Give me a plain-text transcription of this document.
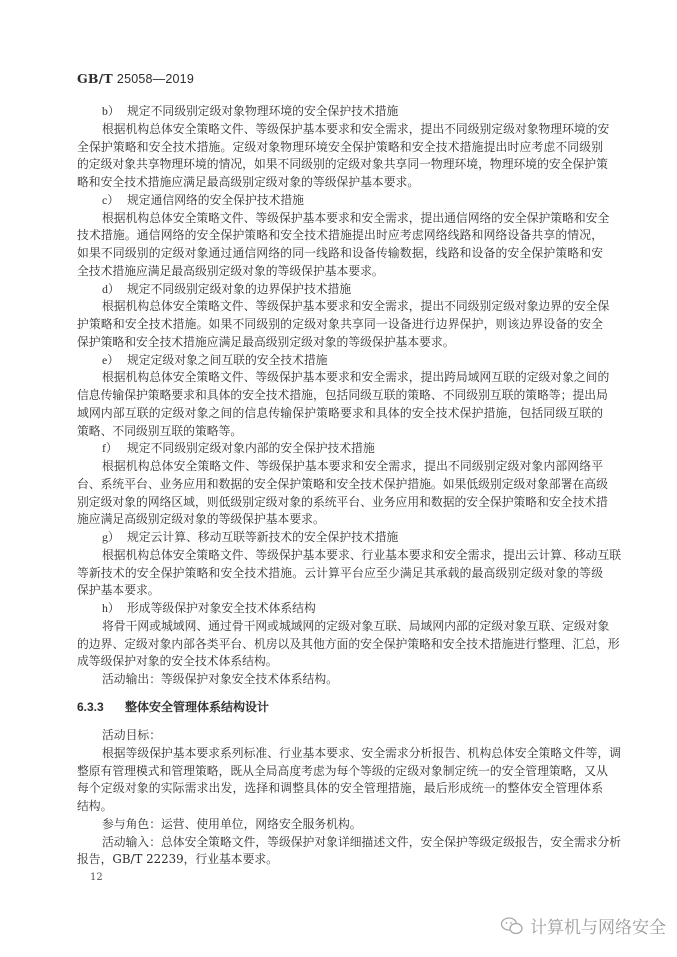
GB/T 25058—2019
b） 规定不同级别定级对象物理环境的安全保护技术措施
根据机构总体安全策略文件、等级保护基本要求和安全需求，提出不同级别定级对象物理环境的安
全保护策略和安全技术措施。定级对象物理环境安全保护策略和安全技术措施提出时应考虑不同级别
的定级对象共享物理环境的情况，如果不同级别的定级对象共享同一物理环境，物理环境的安全保护策
略和安全技术措施应满足最高级别定级对象的等级保护基本要求。
c） 规定通信网络的安全保护技术措施
根据机构总体安全策略文件、等级保护基本要求和安全需求，提出通信网络的安全保护策略和安全
技术措施。通信网络的安全保护策略和安全技术措施提出时应考虑网络线路和网络设备共享的情况，
如果不同级别的定级对象通过通信网络的同一线路和设备传输数据，线路和设备的安全保护策略和安
全技术措施应满足最高级别定级对象的等级保护基本要求。
d） 规定不同级别定级对象的边界保护技术措施
根据机构总体安全策略文件、等级保护基本要求和安全需求，提出不同级别定级对象边界的安全保
护策略和安全技术措施。如果不同级别的定级对象共享同一设备进行边界保护，则该边界设备的安全
保护策略和安全技术措施应满足最高级别定级对象的等级保护基本要求。
e） 规定定级对象之间互联的安全技术措施
根据机构总体安全策略文件、等级保护基本要求和安全需求，提出跨局域网互联的定级对象之间的
信息传输保护策略要求和具体的安全技术措施，包括同级互联的策略、不同级别互联的策略等；提出局
域网内部互联的定级对象之间的信息传输保护策略要求和具体的安全技术保护措施，包括同级互联的
策略、不同级别互联的策略等。
f） 规定不同级别定级对象内部的安全保护技术措施
根据机构总体安全策略文件、等级保护基本要求和安全需求，提出不同级别定级对象内部网络平
台、系统平台、业务应用和数据的安全保护策略和安全技术保护措施。如果低级别定级对象部署在高级
别定级对象的网络区域，则低级别定级对象的系统平台、业务应用和数据的安全保护策略和安全技术措
施应满足高级别定级对象的等级保护基本要求。
g） 规定云计算、移动互联等新技术的安全保护技术措施
根据机构总体安全策略文件、等级保护基本要求、行业基本要求和安全需求，提出云计算、移动互联
等新技术的安全保护策略和安全技术措施。云计算平台应至少满足其承载的最高级别定级对象的等级
保护基本要求。
h） 形成等级保护对象安全技术体系结构
将骨干网或城域网、通过骨干网或城域网的定级对象互联、局域网内部的定级对象互联、定级对象
的边界、定级对象内部各类平台、机房以及其他方面的安全保护策略和安全技术措施进行整理、汇总，形
成等级保护对象的安全技术体系结构。
活动输出：等级保护对象安全技术体系结构。
6.3.3 整体安全管理体系结构设计
活动目标：
根据等级保护基本要求系列标准、行业基本要求、安全需求分析报告、机构总体安全策略文件等，调
整原有管理模式和管理策略，既从全局高度考虑为每个等级的定级对象制定统一的安全管理策略，又从
每个定级对象的实际需求出发，选择和调整具体的安全管理措施，最后形成统一的整体安全管理体系
结构。
参与角色：运营、使用单位，网络安全服务机构。
活动输入：总体安全策略文件，等级保护对象详细描述文件，安全保护等级定级报告，安全需求分析
报告，GB/T 22239，行业基本要求。
12
计算机与网络安全
